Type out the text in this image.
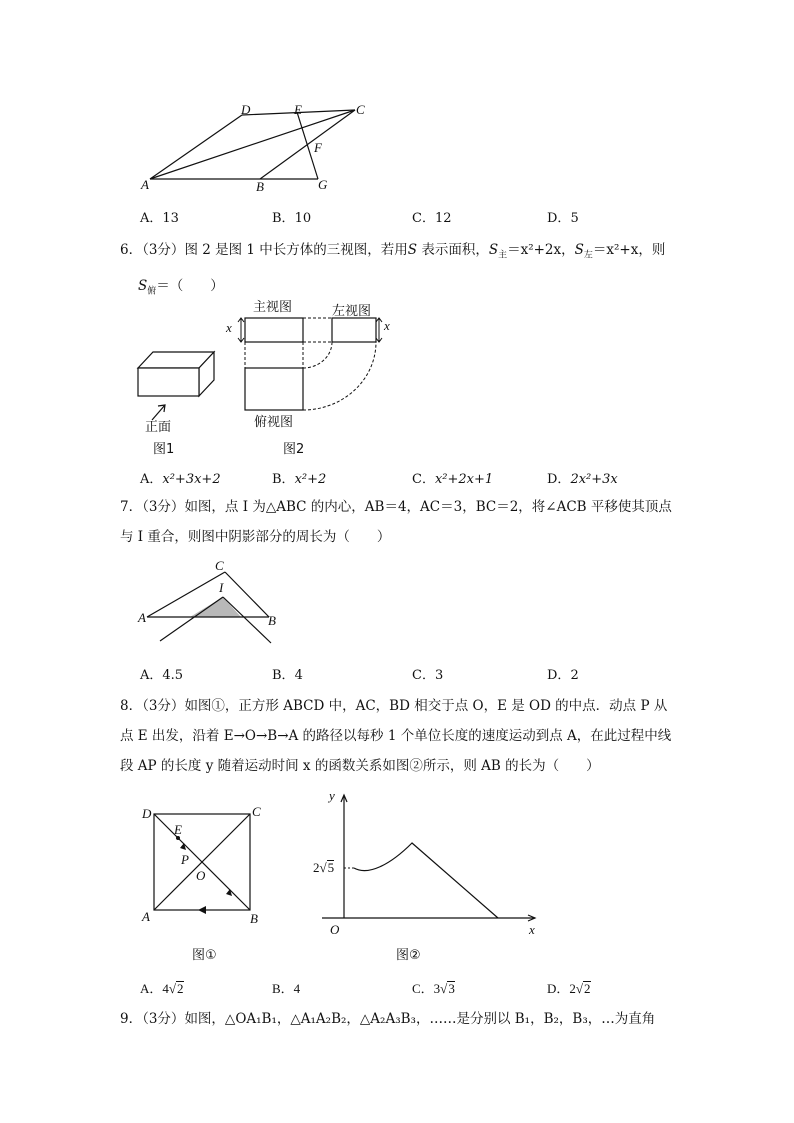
D	E	C
F
A	B	G
A．13	B．10	C．12	D．5
6．（3分）图 2 是图 1 中长方体的三视图，若用S 表示面积，$S_主=x^2+2x$，$S_左=x^2+x$，则
$S_俯=$（　　）
主视图	左视图
俯视图
正面
图1	图2
x	x
A．x²+3x+2	B．x²+2	C．x²+2x+1	D．2x²+3x
7．（3分）如图，点 I 为△ABC 的内心，AB＝4，AC＝3，BC＝2，将∠ACB 平移使其顶点与 I 重合，则图中阴影部分的周长为（　　）
C
I
A	B
A．4.5	B．4	C．3	D．2
8．（3分）如图①，正方形 ABCD 中，AC，BD 相交于点 O，E 是 OD 的中点．动点 P 从点 E 出发，沿着 E→O→B→A 的路径以每秒 1 个单位长度的速度运动到点 A，在此过程中线段 AP 的长度 y 随着运动时间 x 的函数关系如图②所示，则 AB 的长为（　　）
D	C
E
P
O
A	B
图①
y
x
O
2√5
图②
A．4√2	B．4	C．3√3	D．2√2
9．（3分）如图，△OA₁B₁，△A₁A₂B₂，△A₂A₃B₃，……是分别以 B₁，B₂，B₃，…为直角
